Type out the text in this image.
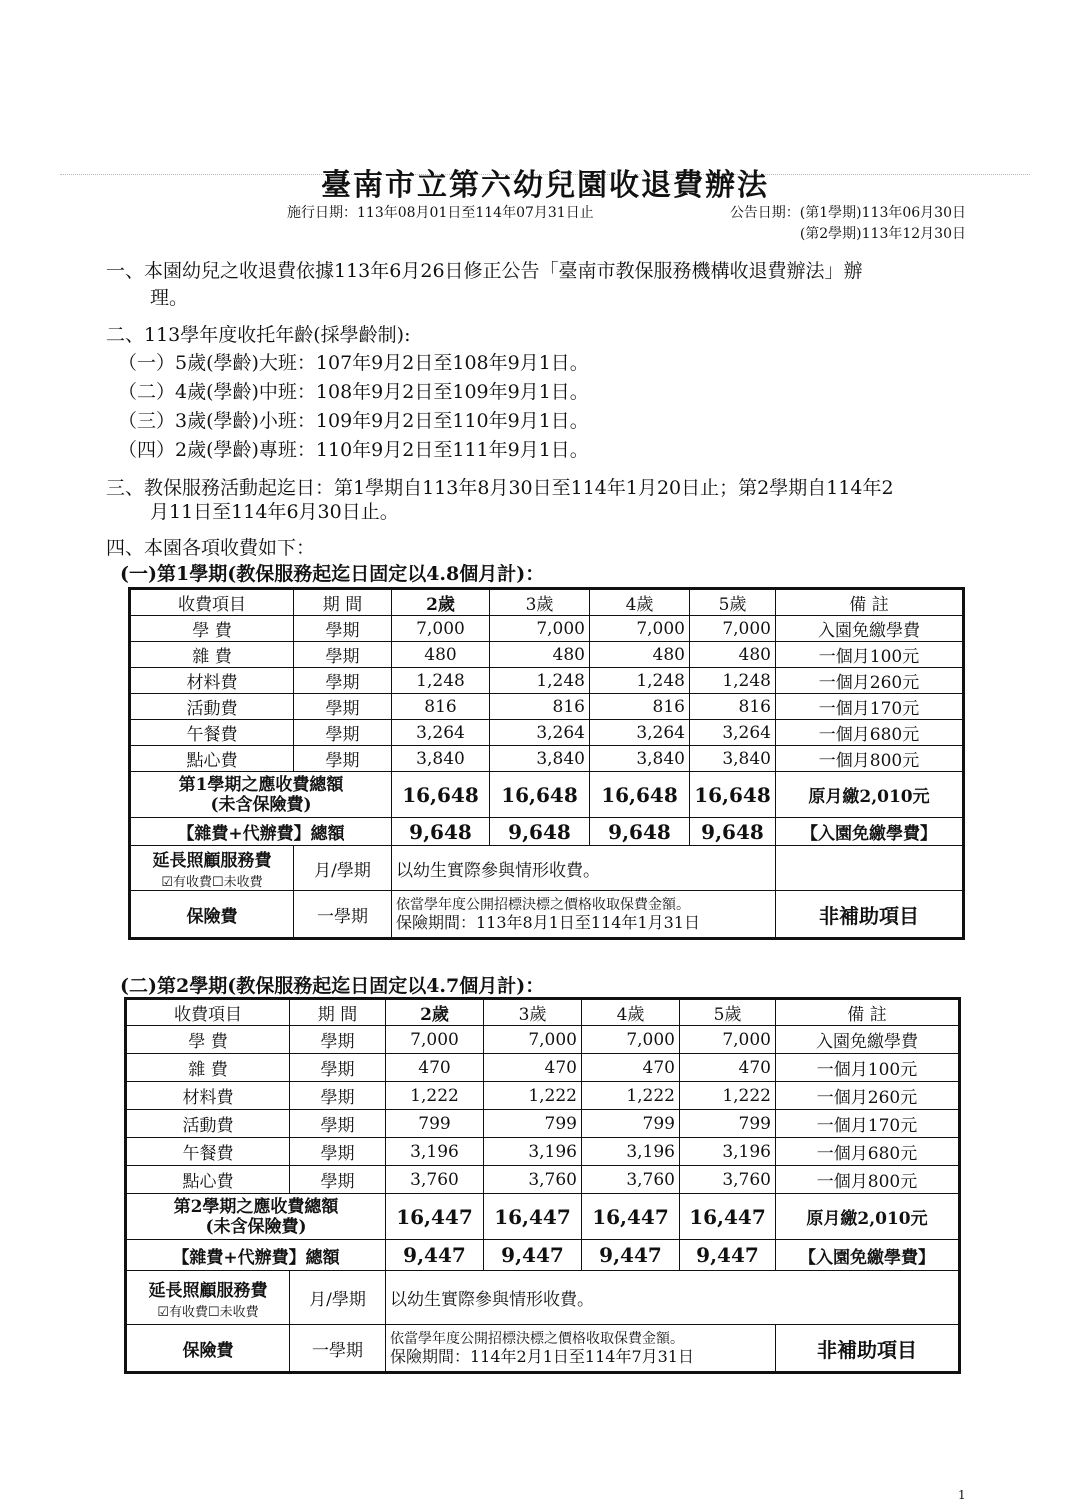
臺南市立第六幼兒園收退費辦法
施行日期：113年08月01日至114年07月31日止	公告日期：(第1學期)113年06月30日
(第2學期)113年12月30日
一、本園幼兒之收退費依據113年6月26日修正公告「臺南市教保服務機構收退費辦法」辦
理。
二、113學年度收托年齡(採學齡制):
（一）5歲(學齡)大班：107年9月2日至108年9月1日。
（二）4歲(學齡)中班：108年9月2日至109年9月1日。
（三）3歲(學齡)小班：109年9月2日至110年9月1日。
（四）2歲(學齡)專班：110年9月2日至111年9月1日。
三、教保服務活動起迄日：第1學期自113年8月30日至114年1月20日止；第2學期自114年2
月11日至114年6月30日止。
四、本園各項收費如下：
(一)第1學期(教保服務起迄日固定以4.8個月計)：
收費項目	期 間	2歲	3歲	4歲	5歲	備 註
學 費	學期	7,000	7,000	7,000	7,000	入園免繳學費
雜 費	學期	480	480	480	480	一個月100元
材料費	學期	1,248	1,248	1,248	1,248	一個月260元
活動費	學期	816	816	816	816	一個月170元
午餐費	學期	3,264	3,264	3,264	3,264	一個月680元
點心費	學期	3,840	3,840	3,840	3,840	一個月800元

第1學期之應收費總額
(未含保險費)		16,648	16,648	16,648	16,648	原月繳2,010元
【雜費+代辦費】總額		9,648	9,648	9,648	9,648	【入園免繳學費】

延長照顧服務費
☑有收費☐未收費	月/學期	以幼生實際參與情形收費。				
保險費	一學期	依當學年度公開招標決標之價格收取保費金額。
保險期間：113年8月1日至114年1月31日				非補助項目
(二)第2學期(教保服務起迄日固定以4.7個月計)：
收費項目	期 間	2歲	3歲	4歲	5歲	備 註
學 費	學期	7,000	7,000	7,000	7,000	入園免繳學費
雜 費	學期	470	470	470	470	一個月100元
材料費	學期	1,222	1,222	1,222	1,222	一個月260元
活動費	學期	799	799	799	799	一個月170元
午餐費	學期	3,196	3,196	3,196	3,196	一個月680元
點心費	學期	3,760	3,760	3,760	3,760	一個月800元

第2學期之應收費總額
(未含保險費)		16,447	16,447	16,447	16,447	原月繳2,010元
【雜費+代辦費】總額		9,447	9,447	9,447	9,447	【入園免繳學費】

延長照顧服務費
☑有收費☐未收費	月/學期	以幼生實際參與情形收費。				
保險費	一學期	依當學年度公開招標決標之價格收取保費金額。
保險期間：114年2月1日至114年7月31日				非補助項目
1
